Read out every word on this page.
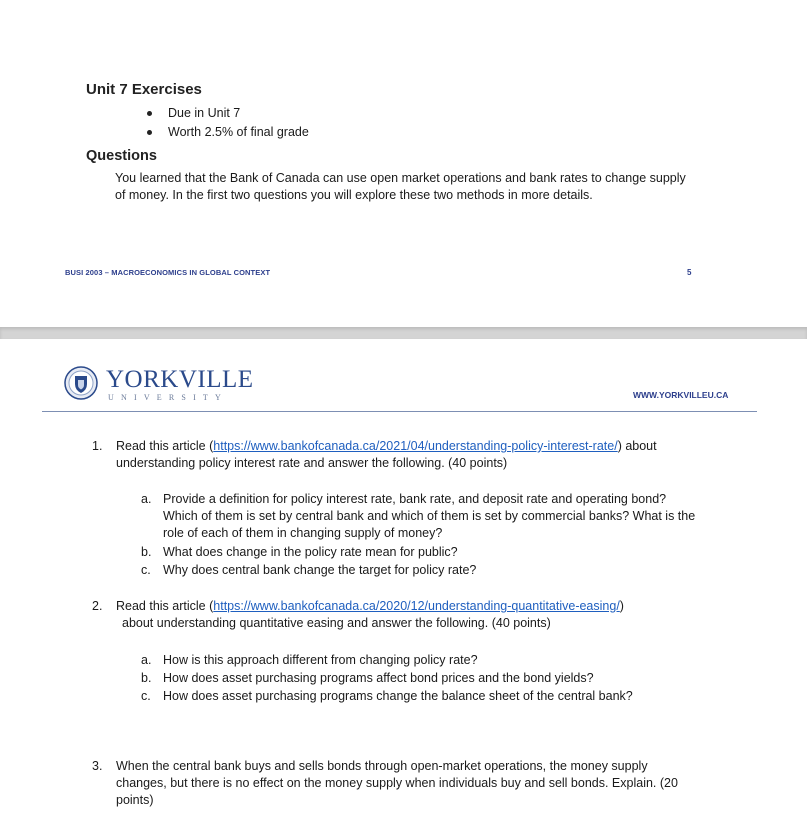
Unit 7 Exercises
Due in Unit 7
Worth 2.5% of final grade
Questions
You learned that the Bank of Canada can use open market operations and bank rates to change supply
of money. In the first two questions you will explore these two methods in more details.
BUSI 2003 – MACROECONOMICS IN GLOBAL CONTEXT	5
YORKVILLE
UNIVERSITY	WWW.YORKVILLEU.CA
1. Read this article (https://www.bankofcanada.ca/2021/04/understanding-policy-interest-rate/) about
understanding policy interest rate and answer the following. (40 points)
a. Provide a definition for policy interest rate, bank rate, and deposit rate and operating bond?
Which of them is set by central bank and which of them is set by commercial banks? What is the
role of each of them in changing supply of money?
b. What does change in the policy rate mean for public?
c. Why does central bank change the target for policy rate?
2. Read this article (https://www.bankofcanada.ca/2020/12/understanding-quantitative-easing/)
about understanding quantitative easing and answer the following. (40 points)
a. How is this approach different from changing policy rate?
b. How does asset purchasing programs affect bond prices and the bond yields?
c. How does asset purchasing programs change the balance sheet of the central bank?
3. When the central bank buys and sells bonds through open-market operations, the money supply
changes, but there is no effect on the money supply when individuals buy and sell bonds. Explain. (20
points)
